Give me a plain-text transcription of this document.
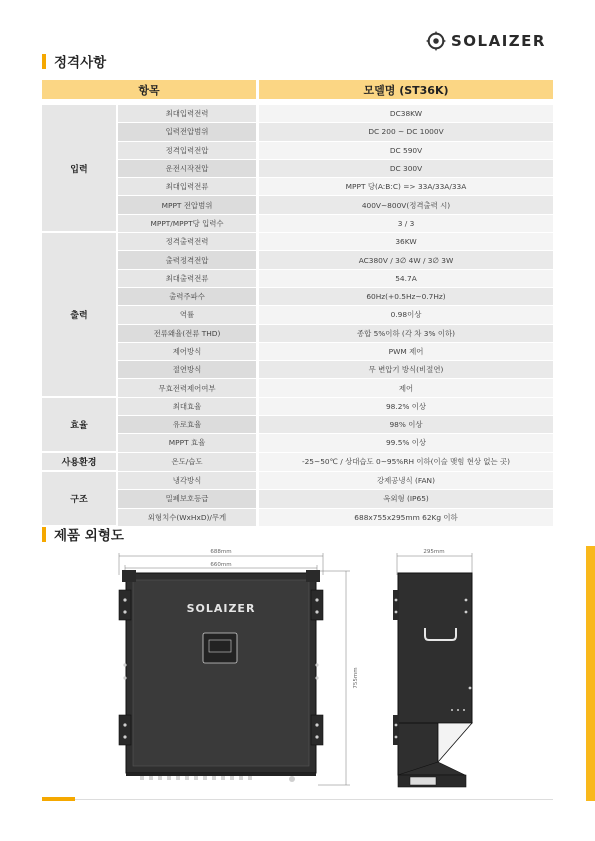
SOLAIZER
정격사항
항목			모델명 (ST36K)

입력	최대입력전력		DC38KW
	입력전압범위		DC 200 ~ DC 1000V
	정격입력전압		DC 590V
	운전시작전압		DC 300V
	최대입력전류		MPPT 당(A:B:C) => 33A/33A/33A
	MPPT 전압범위		400V~800V(정격출력 시)
	MPPT/MPPT당 입력수		3 / 3
출력	정격출력전력		36KW
	출력정격전압		AC380V / 3∅ 4W / 3∅ 3W
	최대출력전류		54.7A
	출력주파수		60Hz(+0.5Hz~0.7Hz)
	역률		0.98이상
	전류왜율(전류 THD)		종합 5%이하 (각 차 3% 이하)
	제어방식		PWM 제어
	절연방식		무 변압기 방식(비절연)
	무효전력제어여부		제어
효율	최대효율		98.2% 이상
	유로효율		98% 이상
	MPPT 효율		99.5% 이상
사용환경	온도/습도		-25~50℃ / 상대습도 0~95%RH 이하(이슬 맺힘 현상 없는 곳)
구조	냉각방식		강제공냉식 (FAN)
	밀폐보호등급		옥외형 (IP65)
	외형치수(WxHxD)/무게		688x755x295mm 62Kg 이하
제품 외형도
688mm
660mm
755mm
SOLAIZER
295mm
